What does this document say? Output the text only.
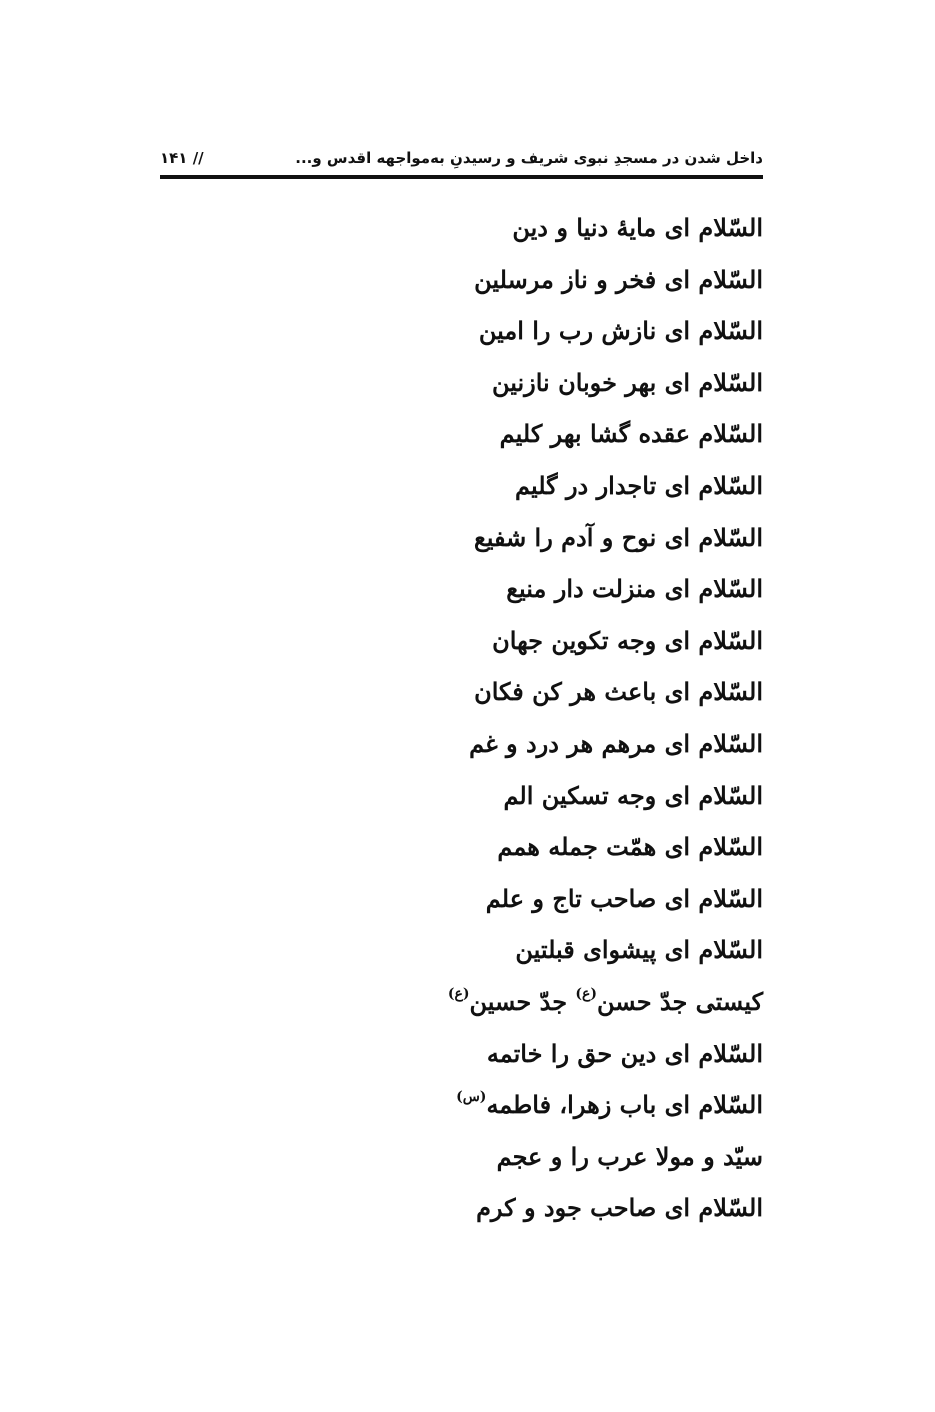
داخل شدن در مسجدِ نبوی شریف و رسیدنِ به‌مواجهه اقدس و...
// ۱۴۱
السّلام ای مایهٔ دنیا و دین
السّلام ای فخر و ناز مرسلین
السّلام ای نازش رب را امین
السّلام ای بهر خوبان نازنین
السّلام عقده گشا بهر کلیم
السّلام ای تاجدار در گلیم
السّلام ای نوح و آدم را شفیع
السّلام ای منزلت دار منیع
السّلام ای وجه تکوین جهان
السّلام ای باعث هر کن فکان
السّلام ای مرهم هر درد و غم
السّلام ای وجه تسکین الم
السّلام ای همّت جمله همم
السّلام ای صاحب تاج و علم
السّلام ای پیشوای قبلتین
کیستی جدّ حسن$^{(ع)}$ جدّ حسین$^{(ع)}$
السّلام ای دین حق را خاتمه
السّلام ای باب زهرا، فاطمه$^{(س)}$
سیّد و مولا عرب را و عجم
السّلام ای صاحب جود و کرم
